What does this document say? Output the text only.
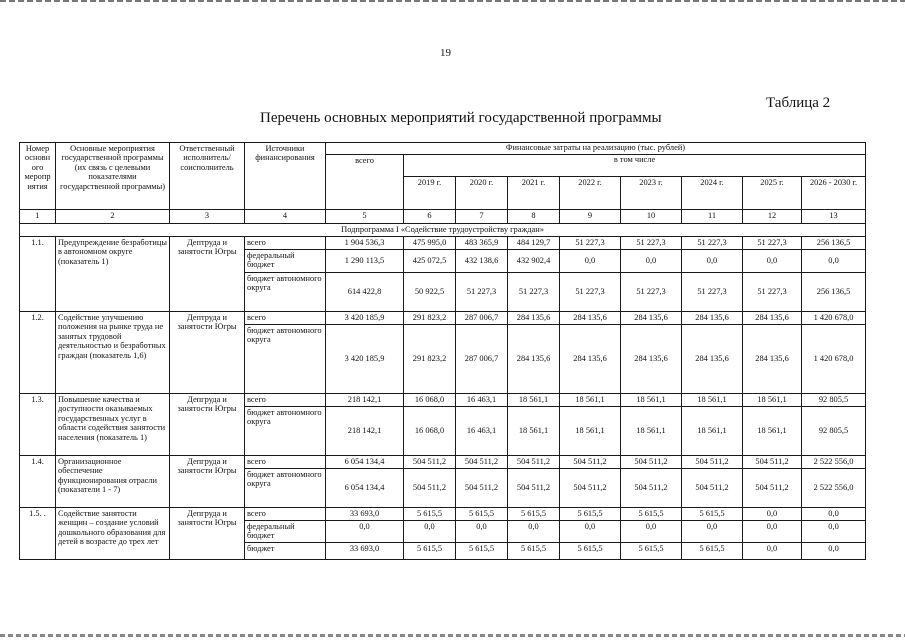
19
Таблица 2
Перечень основных мероприятий государственной программы
Номер основн ого меропр иятия	Основные мероприятия государственной программы (их связь с целевыми показателями государственной программы)	Ответственный исполнитель/ соисполнитель	Источники финансирования	Финансовые затраты на реализацию (тыс. рублей)								
				всего	в том числе							
					2019 г.	2020 г.	2021 г.	2022 г.	2023 г.	2024 г.	2025 г.	2026 - 2030 г.
1	2	3	4	5	6	7	8	9	10	11	12	13
Подпрограмма I «Содействие трудоустройству граждан»												
1.1.	Предупреждение безработицы в автономном округе (показатель 1)	Дептруда и занятости Югры	всего	1 904 536,3	475 995,0	483 365,9	484 129,7	51 227,3	51 227,3	51 227,3	51 227,3	256 136,5
			федеральный бюджет	1 290 113,5	425 072,5	432 138,6	432 902,4	0,0	0,0	0,0	0,0	0,0
			бюджет автономного округа	614 422,8	50 922,5	51 227,3	51 227,3	51 227,3	51 227,3	51 227,3	51 227,3	256 136,5
1.2.	Содействие улучшению положения на рынке труда не занятых трудовой деятельностью и безработных граждан (показатель 1,6)	Дептруда и занятости Югры	всего	3 420 185,9	291 823,2	287 006,7	284 135,6	284 135,6	284 135,6	284 135,6	284 135,6	1 420 678,0
			бюджет автономного округа	3 420 185,9	291 823,2	287 006,7	284 135,6	284 135,6	284 135,6	284 135,6	284 135,6	1 420 678,0
1.3.	Повышение качества и доступности оказываемых государственных услуг в области содействия занятости населения (показатель 1)	Депгруда и занятости Югры	всего	218 142,1	16 068,0	16 463,1	18 561,1	18 561,1	18 561,1	18 561,1	18 561,1	92 805,5
			бюджет автономного округа	218 142,1	16 068,0	16 463,1	18 561,1	18 561,1	18 561,1	18 561,1	18 561,1	92 805,5
1.4.	Организационное обеспечение функционирования отрасли (показатели 1 - 7)	Депгруда и занятости Югры	всего	6 054 134,4	504 511,2	504 511,2	504 511,2	504 511,2	504 511,2	504 511,2	504 511,2	2 522 556,0
			бюджет автономного округа	6 054 134,4	504 511,2	504 511,2	504 511,2	504 511,2	504 511,2	504 511,2	504 511,2	2 522 556,0
1.5. .	Содействие занятости женщин – создание условий дошкольного образования для детей в возрасте до трех лет	Депгруда и занятости Югры	всего	33 693,0	5 615,5	5 615,5	5 615,5	5 615,5	5 615,5	5 615,5	0,0	0,0
			федеральный бюджет	0,0	0,0	0,0	0,0	0,0	0,0	0,0	0,0	0,0
			бюджет	33 693,0	5 615,5	5 615,5	5 615,5	5 615,5	5 615,5	5 615,5	0,0	0,0
